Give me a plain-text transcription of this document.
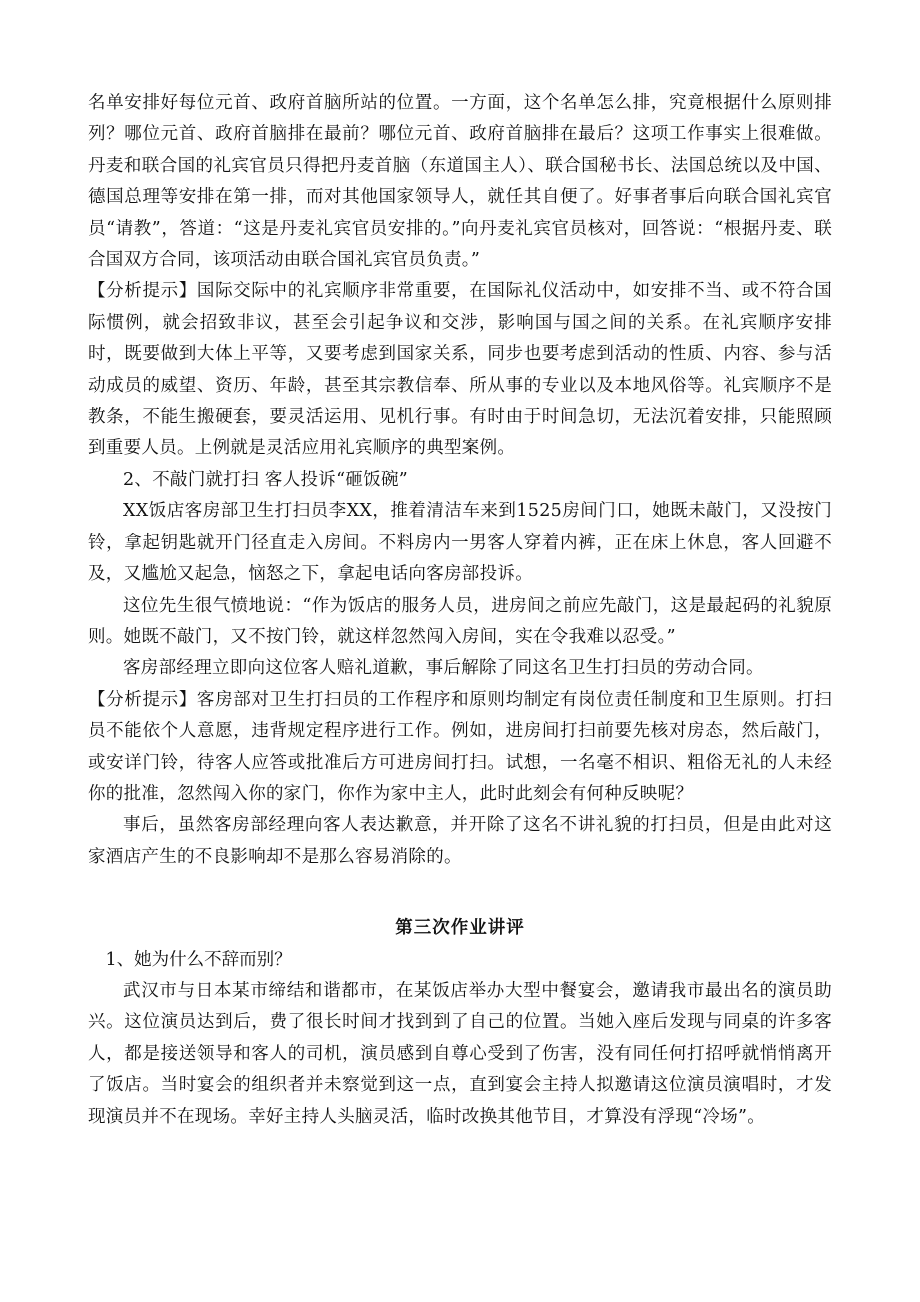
名单安排好每位元首、政府首脑所站的位置。一方面，这个名单怎么排，究竟根据什么原则排列？哪位元首、政府首脑排在最前？哪位元首、政府首脑排在最后？这项工作事实上很难做。丹麦和联合国的礼宾官员只得把丹麦首脑（东道国主人）、联合国秘书长、法国总统以及中国、德国总理等安排在第一排，而对其他国家领导人，就任其自便了。好事者事后向联合国礼宾官员“请教”，答道：“这是丹麦礼宾官员安排的。”向丹麦礼宾官员核对，回答说：“根据丹麦、联合国双方合同，该项活动由联合国礼宾官员负责。”

【分析提示】国际交际中的礼宾顺序非常重要，在国际礼仪活动中，如安排不当、或不符合国际惯例，就会招致非议，甚至会引起争议和交涉，影响国与国之间的关系。在礼宾顺序安排时，既要做到大体上平等，又要考虑到国家关系，同步也要考虑到活动的性质、内容、参与活动成员的威望、资历、年龄，甚至其宗教信奉、所从事的专业以及本地风俗等。礼宾顺序不是教条，不能生搬硬套，要灵活运用、见机行事。有时由于时间急切，无法沉着安排，只能照顾到重要人员。上例就是灵活应用礼宾顺序的典型案例。

2、不敲门就打扫 客人投诉“砸饭碗”

XX饭店客房部卫生打扫员李XX，推着清洁车来到1525房间门口，她既未敲门，又没按门铃，拿起钥匙就开门径直走入房间。不料房内一男客人穿着内裤，正在床上休息，客人回避不及，又尴尬又起急，恼怒之下，拿起电话向客房部投诉。

这位先生很气愤地说：“作为饭店的服务人员，进房间之前应先敲门，这是最起码的礼貌原则。她既不敲门，又不按门铃，就这样忽然闯入房间，实在令我难以忍受。”

客房部经理立即向这位客人赔礼道歉，事后解除了同这名卫生打扫员的劳动合同。

【分析提示】客房部对卫生打扫员的工作程序和原则均制定有岗位责任制度和卫生原则。打扫员不能依个人意愿，违背规定程序进行工作。例如，进房间打扫前要先核对房态，然后敲门，或安详门铃，待客人应答或批准后方可进房间打扫。试想，一名毫不相识、粗俗无礼的人未经你的批准，忽然闯入你的家门，你作为家中主人，此时此刻会有何种反映呢？

事后，虽然客房部经理向客人表达歉意，并开除了这名不讲礼貌的打扫员，但是由此对这家酒店产生的不良影响却不是那么容易消除的。

第三次作业讲评

1、她为什么不辞而别？

武汉市与日本某市缔结和谐都市，在某饭店举办大型中餐宴会，邀请我市最出名的演员助兴。这位演员达到后，费了很长时间才找到到了自己的位置。当她入座后发现与同桌的许多客人，都是接送领导和客人的司机，演员感到自尊心受到了伤害，没有同任何打招呼就悄悄离开了饭店。当时宴会的组织者并未察觉到这一点，直到宴会主持人拟邀请这位演员演唱时，才发现演员并不在现场。幸好主持人头脑灵活，临时改换其他节目，才算没有浮现“冷场”。
